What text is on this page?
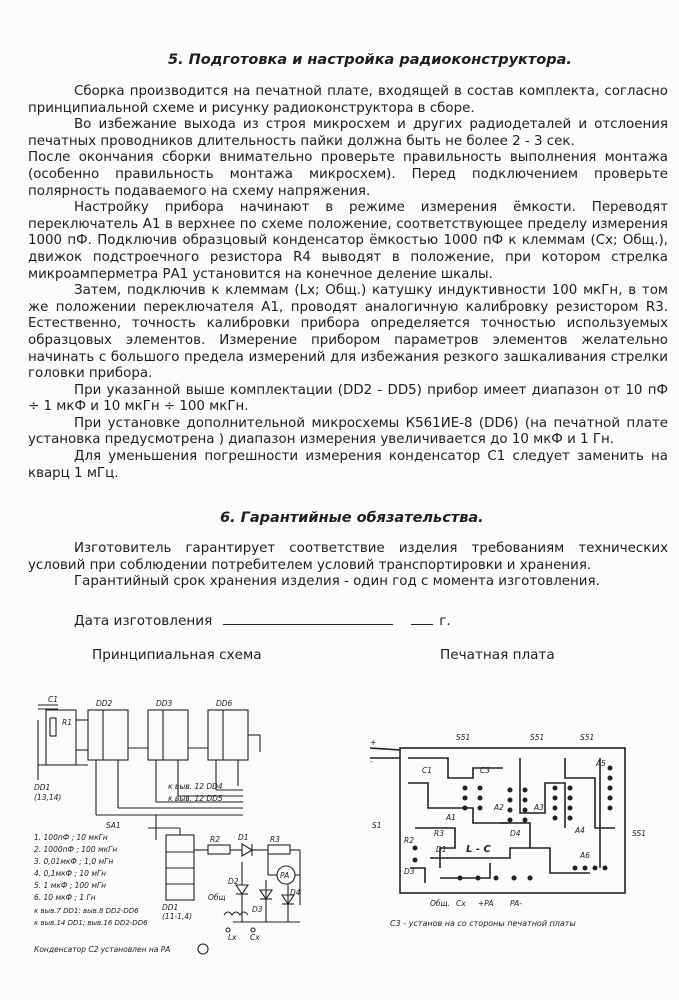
5. Подготовка и настройка радиоконструктора.

Сборка производится на печатной плате, входящей в состав комплекта, согласно принципиальной схеме и рисунку радиоконструктора в сборе.

Во избежание выхода из строя микросхем и других радиодеталей и отслоения печатных проводников длительность пайки должна быть не более 2 - 3 сек.

После окончания сборки внимательно проверьте правильность выполнения монтажа (особенно правильность монтажа микросхем). Перед подключением проверьте полярность подаваемого на схему напряжения.

Настройку прибора начинают в режиме измерения ёмкости. Переводят переключатель А1 в верхнее по схеме положение, соответствующее пределу измерения 1000 пФ. Подключив образцовый конденсатор ёмкостью 1000 пФ к клеммам (Сх; Общ.), движок подстроечного резистора R4 выводят в положение, при котором стрелка микроамперметра РА1 установится на конечное деление шкалы.

Затем, подключив к клеммам (Lx; Общ.) катушку индуктивности 100 мкГн, в том же положении переключателя А1, проводят аналогичную калибровку резистором R3. Естественно, точность калибровки прибора определяется точностью используемых образцовых элементов. Измерение прибором параметров элементов желательно начинать с большого предела измерений для избежания резкого зашкаливания стрелки головки прибора.

При указанной выше комплектации (DD2 - DD5) прибор имеет диапазон от 10 пФ ÷ 1 мкФ и 10 мкГн ÷ 100 мкГн.

При установке дополнительной микросхемы К561ИЕ-8 (DD6) (на печатной плате установка предусмотрена ) диапазон измерения увеличивается до 10 мкФ и 1 Гн.

Для уменьшения погрешности измерения конденсатор С1 следует заменить на кварц 1 мГц.

6. Гарантийные обязательства.

Изготовитель гарантирует соответствие изделия требованиям технических условий при соблюдении потребителем условий транспортировки и хранения.

Гарантийный срок хранения изделия - один год с момента изготовления.

Дата изготовления	г.
Принципиальная схема	Печатная плата
C1
R1
DD2	DD3	DD6
DD1
(13,14)
к выв. 12 DD4
к выв. 12 DD5
SA1
R2 D1	R3
PA
D2
D3
D4
DD1
(11-1,4)
Общ
Cx
Lx
1. 100пФ ; 10 мкГн
2. 1000пФ ; 100 мкГн
3. 0,01мкФ ; 1,0 мГн
4. 0,1мкФ ; 10 мГн
5. 1 мкФ ; 100 мГн
6. 10 мкФ ; 1 Гн
к выв.7 DD1; выв.8 DD2-DD6
к выв.14 DD1; выв.16 DD2-DD6
Конденсатор С2 установлен на РА
+
-
C1	C3
S51	S51	S51
A5
A1
A2	A3
A4
A6
S1
SS1
R2
R3
D1
D3
D4
L - C
Общ. Cx +PA PA-
C3 - установ на со стороны печатной платы
